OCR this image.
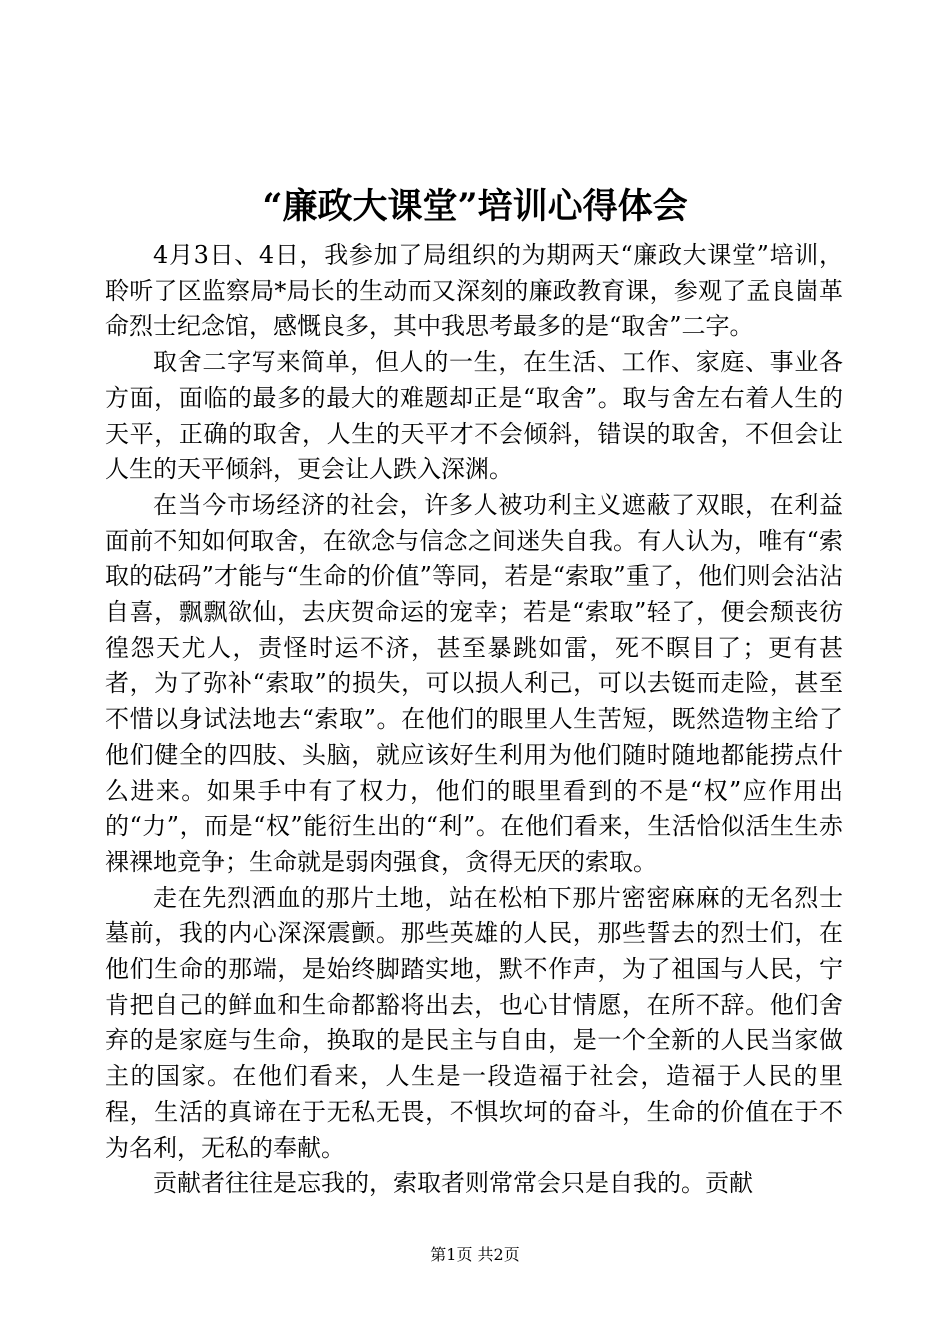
“廉政大课堂”培训心得体会

4月3日、4日，我参加了局组织的为期两天“廉政大课堂”培训，聆听了区监察局*局长的生动而又深刻的廉政教育课，参观了孟良崮革命烈士纪念馆，感慨良多，其中我思考最多的是“取舍”二字。

取舍二字写来简单，但人的一生，在生活、工作、家庭、事业各方面，面临的最多的最大的难题却正是“取舍”。取与舍左右着人生的天平，正确的取舍，人生的天平才不会倾斜，错误的取舍，不但会让人生的天平倾斜，更会让人跌入深渊。

在当今市场经济的社会，许多人被功利主义遮蔽了双眼，在利益面前不知如何取舍，在欲念与信念之间迷失自我。有人认为，唯有“索取的砝码”才能与“生命的价值”等同，若是“索取”重了，他们则会沾沾自喜，飘飘欲仙，去庆贺命运的宠幸；若是“索取”轻了，便会颓丧彷徨怨天尤人，责怪时运不济，甚至暴跳如雷，死不瞑目了；更有甚者，为了弥补“索取”的损失，可以损人利己，可以去铤而走险，甚至不惜以身试法地去“索取”。在他们的眼里人生苦短，既然造物主给了他们健全的四肢、头脑，就应该好生利用为他们随时随地都能捞点什么进来。如果手中有了权力，他们的眼里看到的不是“权”应作用出的“力”，而是“权”能衍生出的“利”。在他们看来，生活恰似活生生赤裸裸地竞争；生命就是弱肉强食，贪得无厌的索取。

走在先烈洒血的那片土地，站在松柏下那片密密麻麻的无名烈士墓前，我的内心深深震颤。那些英雄的人民，那些誓去的烈士们，在他们生命的那端，是始终脚踏实地，默不作声，为了祖国与人民，宁肯把自己的鲜血和生命都豁将出去，也心甘情愿，在所不辞。他们舍弃的是家庭与生命，换取的是民主与自由，是一个全新的人民当家做主的国家。在他们看来，人生是一段造福于社会，造福于人民的里程，生活的真谛在于无私无畏，不惧坎坷的奋斗，生命的价值在于不为名利，无私的奉献。

贡献者往往是忘我的，索取者则常常会只是自我的。贡献

第1页 共2页
